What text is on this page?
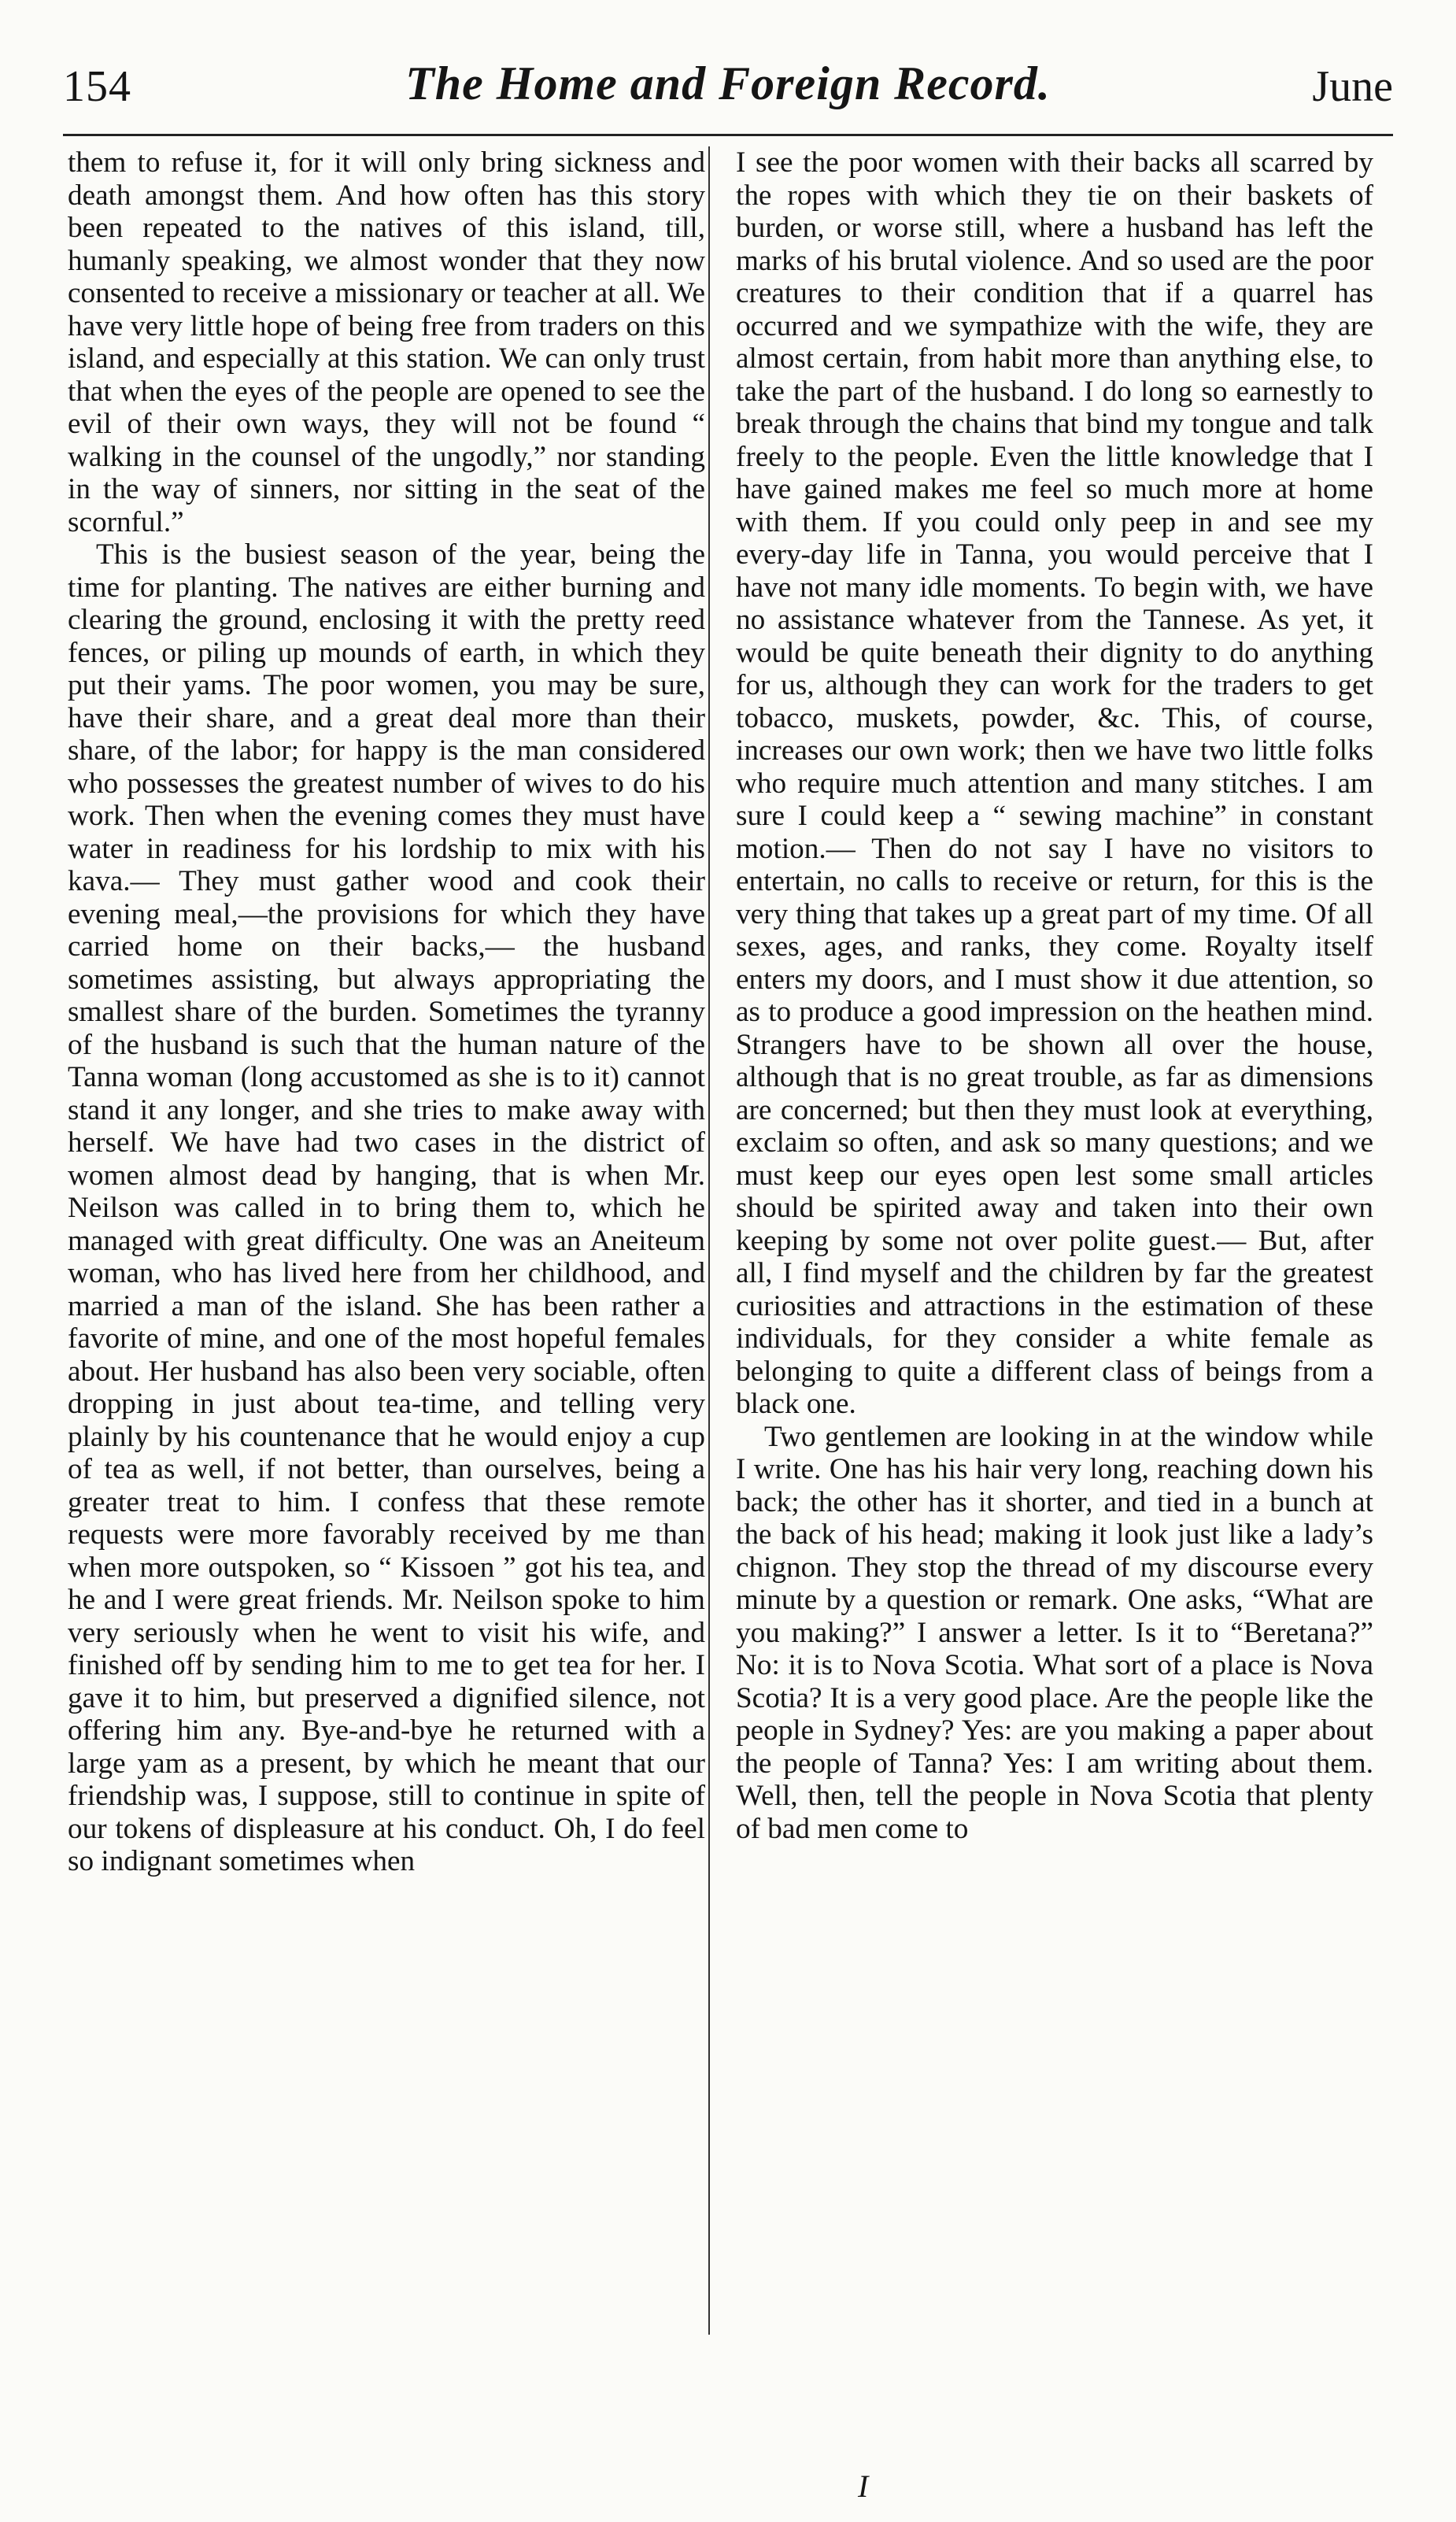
154	The Home and Foreign Record.	June

them to refuse it, for it will only bring sickness and death amongst them. And how often has this story been repeated to the natives of this island, till, humanly speaking, we almost wonder that they now consented to receive a missionary or teacher at all. We have very little hope of being free from traders on this island, and especially at this station. We can only trust that when the eyes of the people are opened to see the evil of their own ways, they will not be found “ walking in the counsel of the ungodly,” nor standing in the way of sinners, nor sitting in the seat of the scornful.”

This is the busiest season of the year, being the time for planting. The natives are either burning and clearing the ground, enclosing it with the pretty reed fences, or piling up mounds of earth, in which they put their yams. The poor women, you may be sure, have their share, and a great deal more than their share, of the labor; for happy is the man considered who possesses the greatest number of wives to do his work. Then when the evening comes they must have water in readiness for his lordship to mix with his kava.— They must gather wood and cook their evening meal,—the provisions for which they have carried home on their backs,— the husband sometimes assisting, but always appropriating the smallest share of the burden. Sometimes the tyranny of the husband is such that the human nature of the Tanna woman (long accustomed as she is to it) cannot stand it any longer, and she tries to make away with herself. We have had two cases in the district of women almost dead by hanging, that is when Mr. Neilson was called in to bring them to, which he managed with great difficulty. One was an Aneiteum woman, who has lived here from her childhood, and married a man of the island. She has been rather a favorite of mine, and one of the most hopeful females about. Her husband has also been very sociable, often dropping in just about tea-time, and telling very plainly by his countenance that he would enjoy a cup of tea as well, if not better, than ourselves, being a greater treat to him. I confess that these remote requests were more favorably received by me than when more outspoken, so “ Kissoen ” got his tea, and he and I were great friends. Mr. Neilson spoke to him very seriously when he went to visit his wife, and finished off by sending him to me to get tea for her. I gave it to him, but preserved a dignified silence, not offering him any. Bye-and-bye he returned with a large yam as a present, by which he meant that our friendship was, I suppose, still to continue in spite of our tokens of displeasure at his conduct. Oh, I do feel so indignant sometimes when

I see the poor women with their backs all scarred by the ropes with which they tie on their baskets of burden, or worse still, where a husband has left the marks of his brutal violence. And so used are the poor creatures to their condition that if a quarrel has occurred and we sympathize with the wife, they are almost certain, from habit more than anything else, to take the part of the husband. I do long so earnestly to break through the chains that bind my tongue and talk freely to the people. Even the little knowledge that I have gained makes me feel so much more at home with them. If you could only peep in and see my every-day life in Tanna, you would perceive that I have not many idle moments. To begin with, we have no assistance whatever from the Tannese. As yet, it would be quite beneath their dignity to do anything for us, although they can work for the traders to get tobacco, muskets, powder, &c. This, of course, increases our own work; then we have two little folks who require much attention and many stitches. I am sure I could keep a “ sewing machine” in constant motion.— Then do not say I have no visitors to entertain, no calls to receive or return, for this is the very thing that takes up a great part of my time. Of all sexes, ages, and ranks, they come. Royalty itself enters my doors, and I must show it due attention, so as to produce a good impression on the heathen mind. Strangers have to be shown all over the house, although that is no great trouble, as far as dimensions are concerned; but then they must look at everything, exclaim so often, and ask so many questions; and we must keep our eyes open lest some small articles should be spirited away and taken into their own keeping by some not over polite guest.— But, after all, I find myself and the children by far the greatest curiosities and attractions in the estimation of these individuals, for they consider a white female as belonging to quite a different class of beings from a black one.

Two gentlemen are looking in at the window while I write. One has his hair very long, reaching down his back; the other has it shorter, and tied in a bunch at the back of his head; making it look just like a lady’s chignon. They stop the thread of my discourse every minute by a question or remark. One asks, “What are you making?” I answer a letter. Is it to “Beretana?” No: it is to Nova Scotia. What sort of a place is Nova Scotia? It is a very good place. Are the people like the people in Sydney? Yes: are you making a paper about the people of Tanna? Yes: I am writing about them. Well, then, tell the people in Nova Scotia that plenty of bad men come to

I
